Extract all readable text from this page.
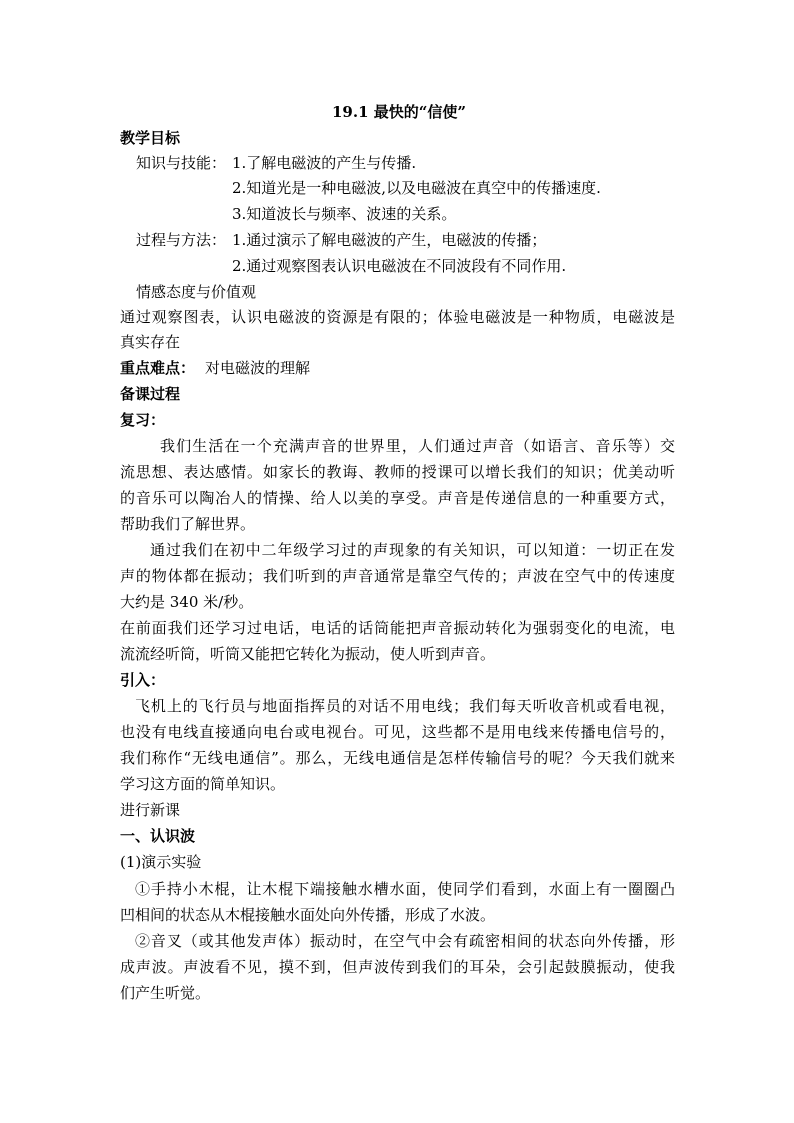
19.1 最快的“信使”
教学目标
知识与技能： 1.了解电磁波的产生与传播.
2.知道光是一种电磁波,以及电磁波在真空中的传播速度.
3.知道波长与频率、波速的关系。
过程与方法： 1.通过演示了解电磁波的产生，电磁波的传播；
2.通过观察图表认识电磁波在不同波段有不同作用.
情感态度与价值观
通过观察图表，认识电磁波的资源是有限的；体验电磁波是一种物质，电磁波是
真实存在
重点难点： 对电磁波的理解
备课过程
复习：
我们生活在一个充满声音的世界里，人们通过声音（如语言、音乐等）交
流思想、表达感情。如家长的教诲、教师的授课可以增长我们的知识；优美动听
的音乐可以陶冶人的情操、给人以美的享受。声音是传递信息的一种重要方式，
帮助我们了解世界。
通过我们在初中二年级学习过的声现象的有关知识，可以知道：一切正在发
声的物体都在振动；我们听到的声音通常是靠空气传的；声波在空气中的传速度
大约是 340 米/秒。
在前面我们还学习过电话，电话的话筒能把声音振动转化为强弱变化的电流，电
流流经听筒，听筒又能把它转化为振动，使人听到声音。
引入：
飞机上的飞行员与地面指挥员的对话不用电线；我们每天听收音机或看电视，
也没有电线直接通向电台或电视台。可见，这些都不是用电线来传播电信号的，
我们称作“无线电通信”。那么，无线电通信是怎样传输信号的呢？今天我们就来
学习这方面的简单知识。
进行新课
一、认识波
(1)演示实验
①手持小木棍，让木棍下端接触水槽水面，使同学们看到，水面上有一圈圈凸
凹相间的状态从木棍接触水面处向外传播，形成了水波。
②音叉（或其他发声体）振动时，在空气中会有疏密相间的状态向外传播，形
成声波。声波看不见，摸不到，但声波传到我们的耳朵，会引起鼓膜振动，使我
们产生听觉。
